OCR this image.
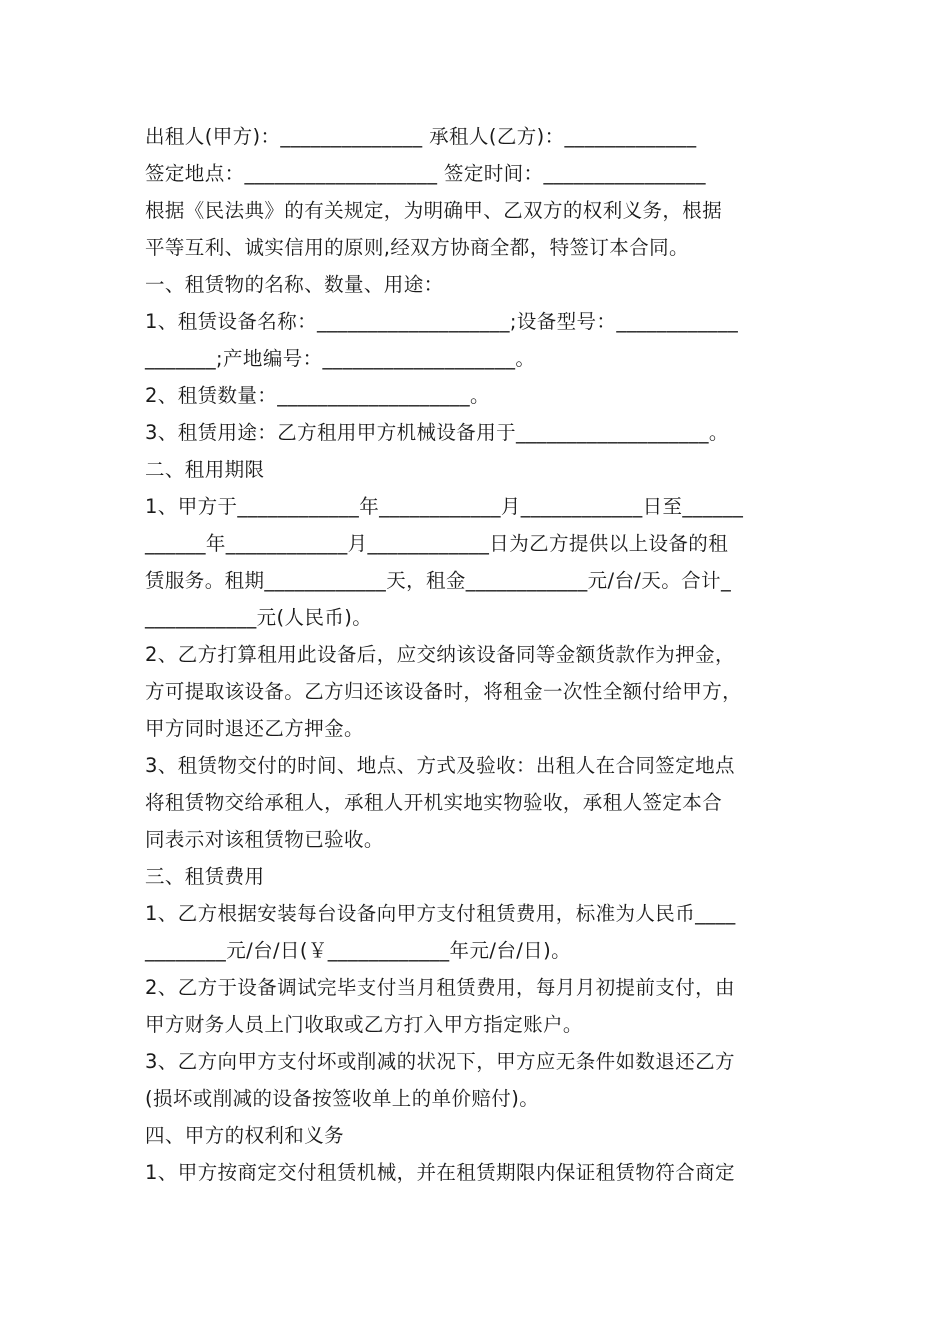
出租人(甲方)：______________ 承租人(乙方)：_____________
签定地点：___________________ 签定时间：________________
根据《民法典》的有关规定，为明确甲、乙双方的权利义务，根据
平等互利、诚实信用的原则,经双方协商全都，特签订本合同。
一、租赁物的名称、数量、用途：
1、租赁设备名称：___________________;设备型号：____________
_______;产地编号：___________________。
2、租赁数量：___________________。
3、租赁用途：乙方租用甲方机械设备用于___________________。
二、租用期限
1、甲方于____________年____________月____________日至______
______年____________月____________日为乙方提供以上设备的租
赁服务。租期____________天，租金____________元/台/天。合计_
___________元(人民币)。
2、乙方打算租用此设备后，应交纳该设备同等金额货款作为押金，
方可提取该设备。乙方归还该设备时，将租金一次性全额付给甲方，
甲方同时退还乙方押金。
3、租赁物交付的时间、地点、方式及验收：出租人在合同签定地点
将租赁物交给承租人，承租人开机实地实物验收，承租人签定本合
同表示对该租赁物已验收。
三、租赁费用
1、乙方根据安装每台设备向甲方支付租赁费用，标准为人民币____
________元/台/日(￥____________年元/台/日)。
2、乙方于设备调试完毕支付当月租赁费用，每月月初提前支付，由
甲方财务人员上门收取或乙方打入甲方指定账户。
3、乙方向甲方支付坏或削减的状况下，甲方应无条件如数退还乙方
(损坏或削减的设备按签收单上的单价赔付)。
四、甲方的权利和义务
1、甲方按商定交付租赁机械，并在租赁期限内保证租赁物符合商定
